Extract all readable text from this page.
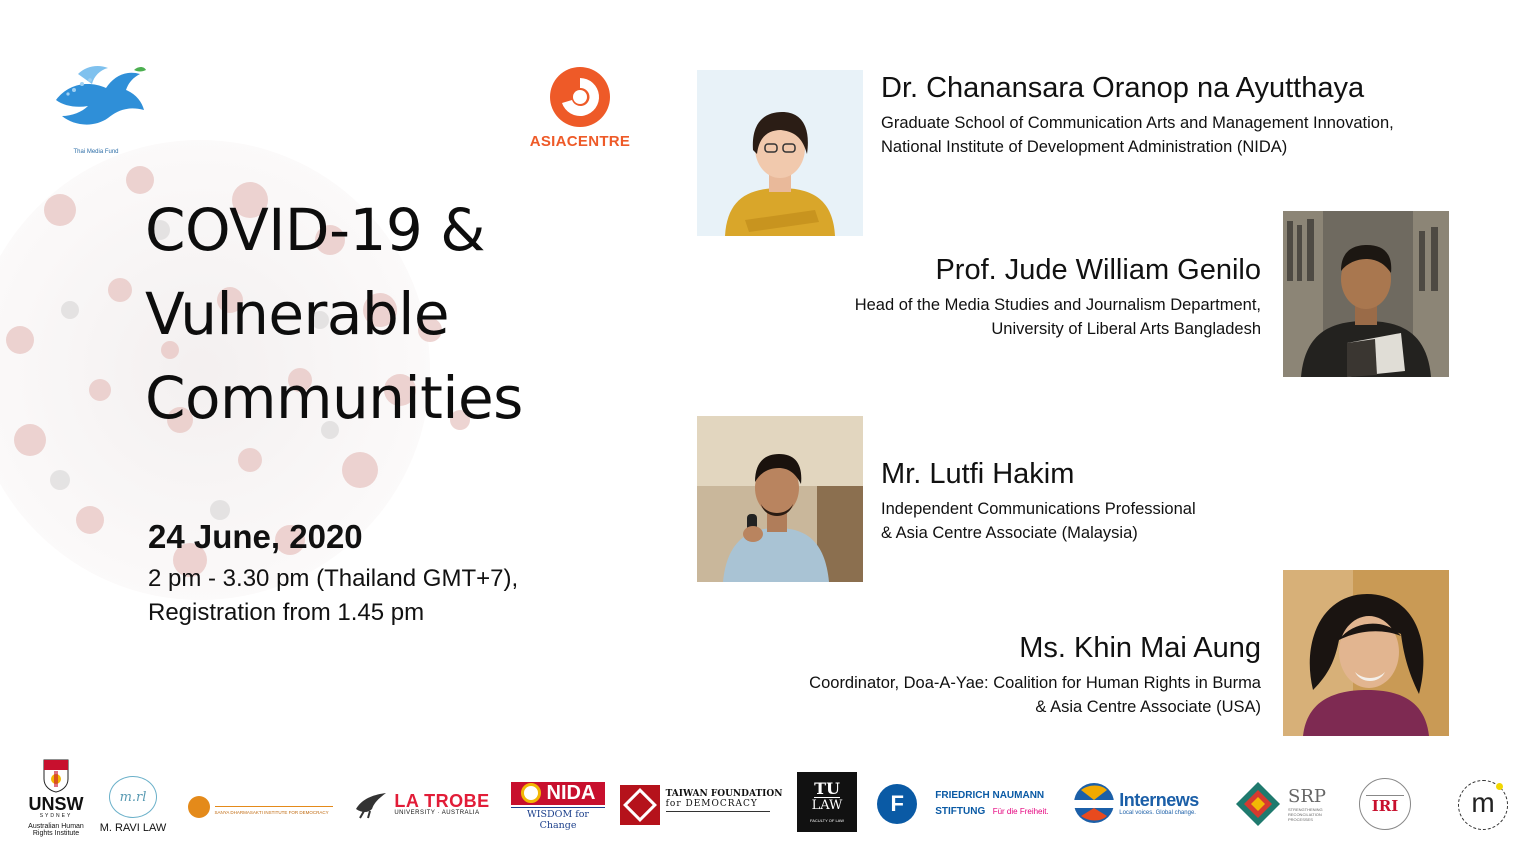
Thai Media Fund
ASIACENTRE
COVID-19 &
Vulnerable
Communities
24 June, 2020
2 pm - 3.30 pm (Thailand GMT+7),
Registration from 1.45 pm
Dr. Chanansara Oranop na Ayutthaya
Graduate School of Communication Arts and Management Innovation,
National Institute of Development Administration (NIDA)
Prof. Jude William Genilo
Head of the Media Studies and Journalism Department,
University of Liberal Arts Bangladesh
Mr. Lutfi Hakim
Independent Communications Professional
& Asia Centre Associate (Malaysia)
Ms. Khin Mai Aung
Coordinator, Doa-A-Yae: Coalition for Human Rights in Burma
& Asia Centre Associate (USA)
UNSW
SYDNEY
Australian Human
Rights Institute
m.rl
M. RAVI LAW
SANYA DHARMASAKTI INSTITUTE FOR DEMOCRACY
LA TROBE
UNIVERSITY · AUSTRALIA
NIDA
WISDOM for Change
TAIWAN FOUNDATION
for DEMOCRACY
TU
LAW
FACULTY OF LAW
F	FRIEDRICH NAUMANN
STIFTUNG Für die Freiheit.
Internews
Local voices. Global change.
SRP
STRENGTHENING
RECONCILIATION
PROCESSES
IRI	m
